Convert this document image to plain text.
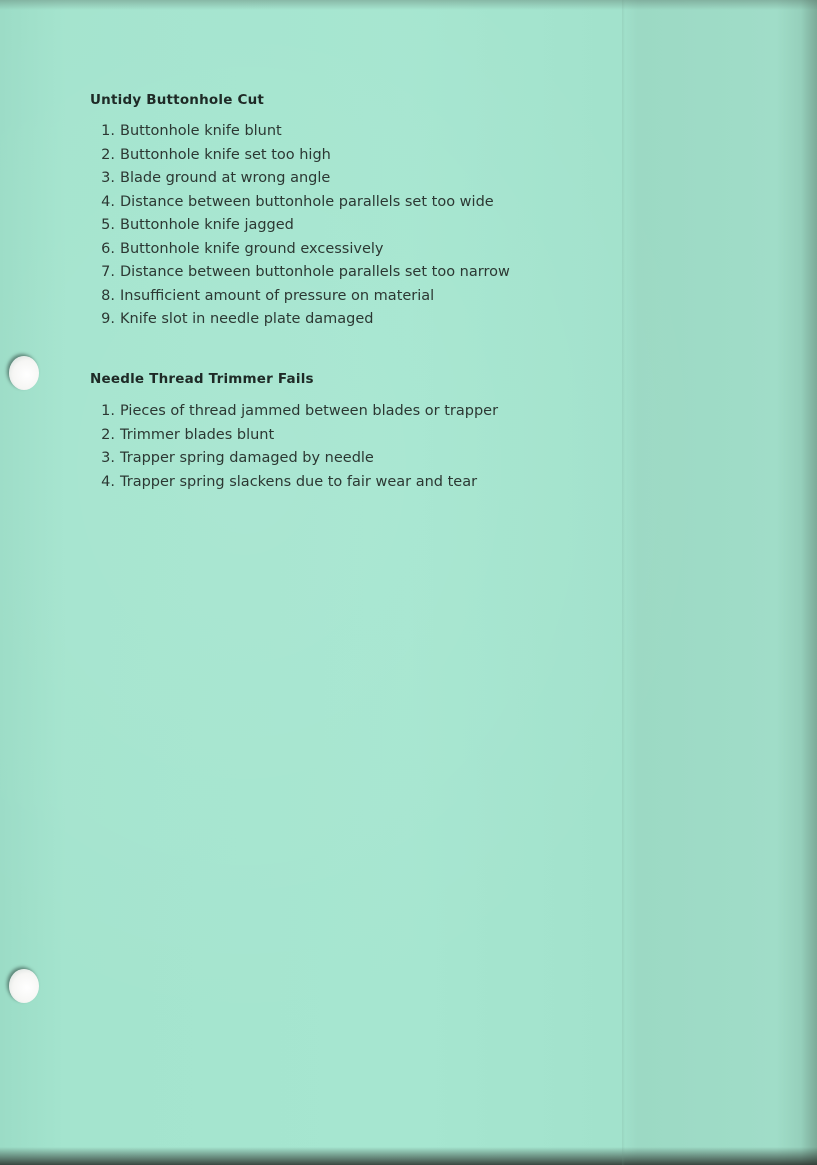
Untidy Buttonhole Cut
1. Buttonhole knife blunt
2. Buttonhole knife set too high
3. Blade ground at wrong angle
4. Distance between buttonhole parallels set too wide
5. Buttonhole knife jagged
6. Buttonhole knife ground excessively
7. Distance between buttonhole parallels set too narrow
8. Insufficient amount of pressure on material
9. Knife slot in needle plate damaged
Needle Thread Trimmer Fails
1. Pieces of thread jammed between blades or trapper
2. Trimmer blades blunt
3. Trapper spring damaged by needle
4. Trapper spring slackens due to fair wear and tear
